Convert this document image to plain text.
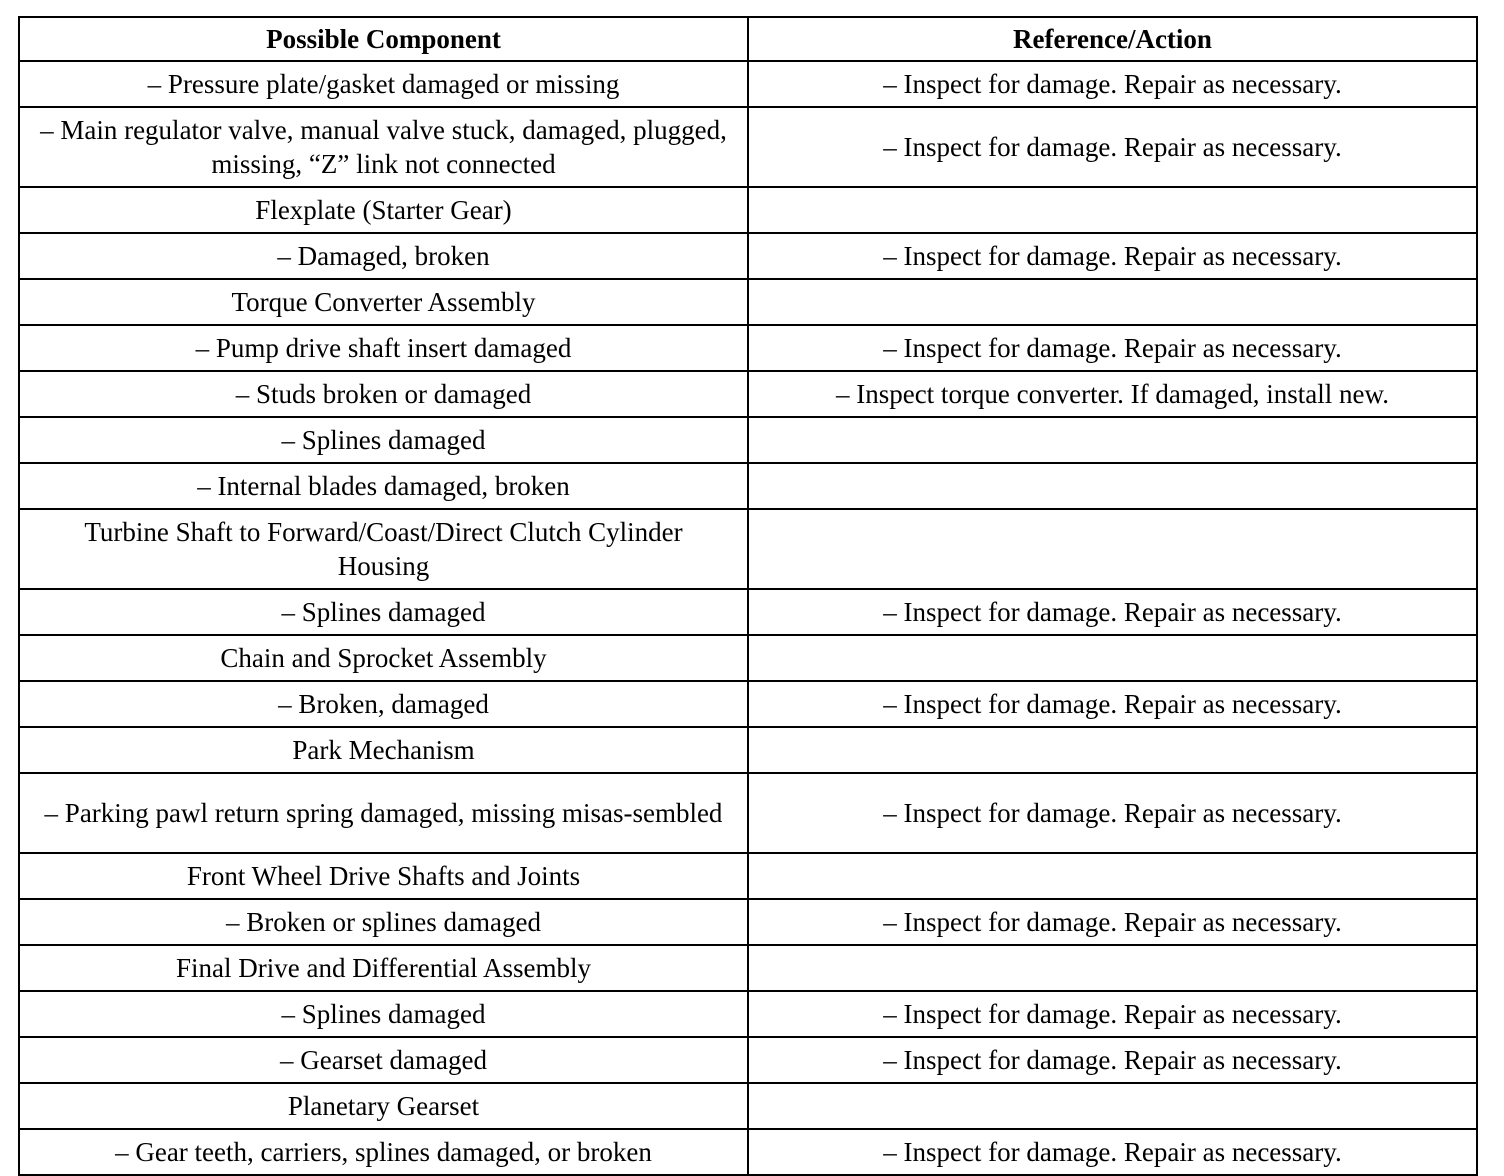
Possible Component	Reference/Action
– Pressure plate/gasket damaged or missing	– Inspect for damage. Repair as necessary.
– Main regulator valve, manual valve stuck, damaged, plugged, missing, “Z” link not connected	– Inspect for damage. Repair as necessary.
Flexplate (Starter Gear)	
– Damaged, broken	– Inspect for damage. Repair as necessary.
Torque Converter Assembly	
– Pump drive shaft insert damaged	– Inspect for damage. Repair as necessary.
– Studs broken or damaged	– Inspect torque converter. If damaged, install new.
– Splines damaged	
– Internal blades damaged, broken	
Turbine Shaft to Forward/Coast/Direct Clutch Cylinder Housing	
– Splines damaged	– Inspect for damage. Repair as necessary.
Chain and Sprocket Assembly	
– Broken, damaged	– Inspect for damage. Repair as necessary.
Park Mechanism	
– Parking pawl return spring damaged, missing misas-sembled	– Inspect for damage. Repair as necessary.
Front Wheel Drive Shafts and Joints	
– Broken or splines damaged	– Inspect for damage. Repair as necessary.
Final Drive and Differential Assembly	
– Splines damaged	– Inspect for damage. Repair as necessary.
– Gearset damaged	– Inspect for damage. Repair as necessary.
Planetary Gearset	
– Gear teeth, carriers, splines damaged, or broken	– Inspect for damage. Repair as necessary.
